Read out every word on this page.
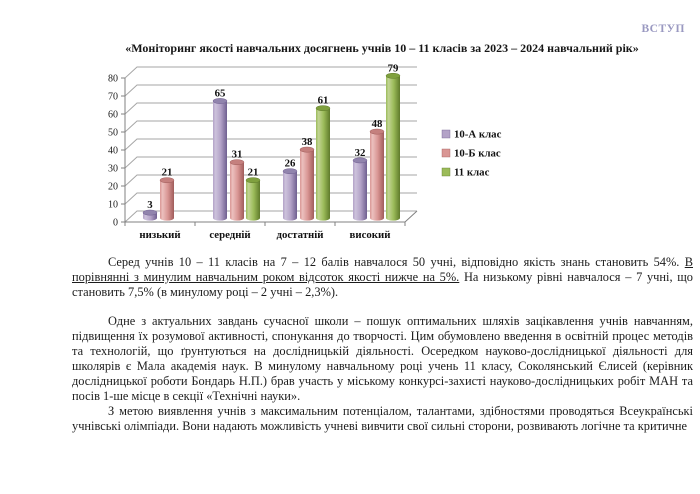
ВСТУП
«Моніторинг якості навчальних досягнень учнів 10 – 11 класів за 2023 – 2024 навчальний рік»
0
10
20
30
40
50
60
70
80
3
21
низький
65
31
21
середній
26
38
61
достатній
32
48
79
високий
10-А клас
10-Б клас
11 клас

Серед учнів 10 – 11 класів на 7 – 12 балів навчалося 50 учні, відповідно якість знань становить 54%. В порівнянні з минулим навчальним роком відсоток якості нижче на 5%. На низькому рівні навчалося – 7 учні, що становить 7,5% (в минулому році – 2 учні – 2,3%).

Одне з актуальних завдань сучасної школи – пошук оптимальних шляхів зацікавлення учнів навчанням, підвищення їх розумової активності, спонукання до творчості. Цим обумовлено введення в освітній процес методів та технологій, що ґрунтуються на дослідницькій діяльності. Осередком науково-дослідницької діяльності для школярів є Мала академія наук. В минулому навчальному році учень 11 класу, Соколянський Єлисей (керівник дослідницької роботи Бондарь Н.П.) брав участь у міському конкурсі-захисті науково-дослідницьких робіт МАН та посів 1-ше місце в секції «Технічні науки».

З метою виявлення учнів з максимальним потенціалом, талантами, здібностями проводяться Всеукраїнські учнівські олімпіади. Вони надають можливість учневі вивчити свої сильні сторони, розвивають логічне та критичне
